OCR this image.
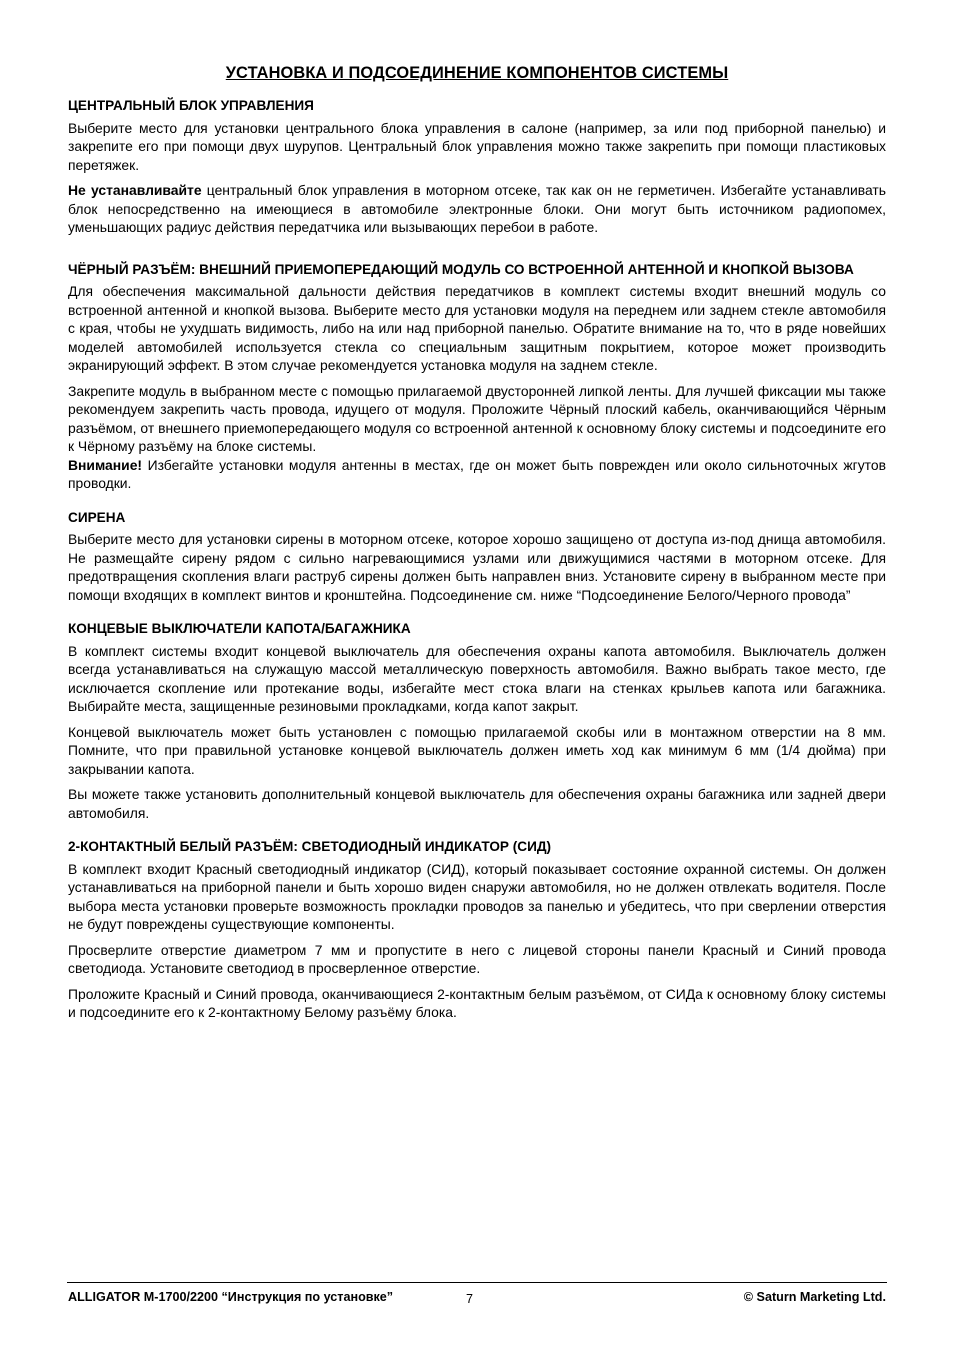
УСТАНОВКА И ПОДСОЕДИНЕНИЕ КОМПОНЕНТОВ СИСТЕМЫ
ЦЕНТРАЛЬНЫЙ БЛОК УПРАВЛЕНИЯ

Выберите место для установки центрального блока управления в салоне (например, за или под приборной панелью) и закрепите его при помощи двух шурупов. Центральный блок управления можно также закрепить при помощи пластиковых перетяжек.

Не устанавливайте центральный блок управления в моторном отсеке, так как он не герметичен. Избегайте устанавливать блок непосредственно на имеющиеся в автомобиле электронные блоки. Они могут быть источником радиопомех, уменьшающих радиус действия передатчика или вызывающих перебои в работе.

ЧЁРНЫЙ РАЗЪЁМ: ВНЕШНИЙ ПРИЕМОПЕРЕДАЮЩИЙ МОДУЛЬ СО ВСТРОЕННОЙ АНТЕННОЙ И КНОПКОЙ ВЫЗОВА

Для обеспечения максимальной дальности действия передатчиков в комплект системы входит внешний модуль со встроенной антенной и кнопкой вызова. Выберите место для установки модуля на переднем или заднем стекле автомобиля с края, чтобы не ухудшать видимость, либо на или над приборной панелью. Обратите внимание на то, что в ряде новейших моделей автомобилей используется стекла со специальным защитным покрытием, которое может производить экранирующий эффект. В этом случае рекомендуется установка модуля на заднем стекле.

Закрепите модуль в выбранном месте с помощью прилагаемой двусторонней липкой ленты. Для лучшей фиксации мы также рекомендуем закрепить часть провода, идущего от модуля. Проложите Чёрный плоский кабель, оканчивающийся Чёрным разъёмом, от внешнего приемопередающего модуля со встроенной антенной к основному блоку системы и подсоедините его к Чёрному разъёму на блоке системы.

Внимание! Избегайте установки модуля антенны в местах, где он может быть поврежден или около сильноточных жгутов проводки.

СИРЕНА

Выберите место для установки сирены в моторном отсеке, которое хорошо защищено от доступа из-под днища автомобиля. Не размещайте сирену рядом с сильно нагревающимися узлами или движущимися частями в моторном отсеке. Для предотвращения скопления влаги раструб сирены должен быть направлен вниз. Установите сирену в выбранном месте при помощи входящих в комплект винтов и кронштейна. Подсоединение см. ниже “Подсоединение Белого/Черного провода”

КОНЦЕВЫЕ ВЫКЛЮЧАТЕЛИ КАПОТА/БАГАЖНИКА

В комплект системы входит концевой выключатель для обеспечения охраны капота автомобиля. Выключатель должен всегда устанавливаться на служащую массой металлическую поверхность автомобиля. Важно выбрать такое место, где исключается скопление или протекание воды, избегайте мест стока влаги на стенках крыльев капота или багажника. Выбирайте места, защищенные резиновыми прокладками, когда капот закрыт.

Концевой выключатель может быть установлен с помощью прилагаемой скобы или в монтажном отверстии на 8 мм. Помните, что при правильной установке концевой выключатель должен иметь ход как минимум 6 мм (1/4 дюйма) при закрывании капота.

Вы можете также установить дополнительный концевой выключатель для обеспечения охраны багажника или задней двери автомобиля.

2-КОНТАКТНЫЙ БЕЛЫЙ РАЗЪЁМ: СВЕТОДИОДНЫЙ ИНДИКАТОР (СИД)

В комплект входит Красный светодиодный индикатор (СИД), который показывает состояние охранной системы. Он должен устанавливаться на приборной панели и быть хорошо виден снаружи автомобиля, но не должен отвлекать водителя. После выбора места установки проверьте возможность прокладки проводов за панелью и убедитесь, что при сверлении отверстия не будут повреждены существующие компоненты.

Просверлите отверстие диаметром 7 мм и пропустите в него с лицевой стороны панели Красный и Синий провода светодиода. Установите светодиод в просверленное отверстие.

Проложите Красный и Синий провода, оканчивающиеся 2-контактным белым разъёмом, от СИДа к основному блоку системы и подсоедините его к 2-контактному Белому разъёму блока.

ALLIGATOR M-1700/2200 “Инструкция по установке”	7	© Saturn Marketing Ltd.
